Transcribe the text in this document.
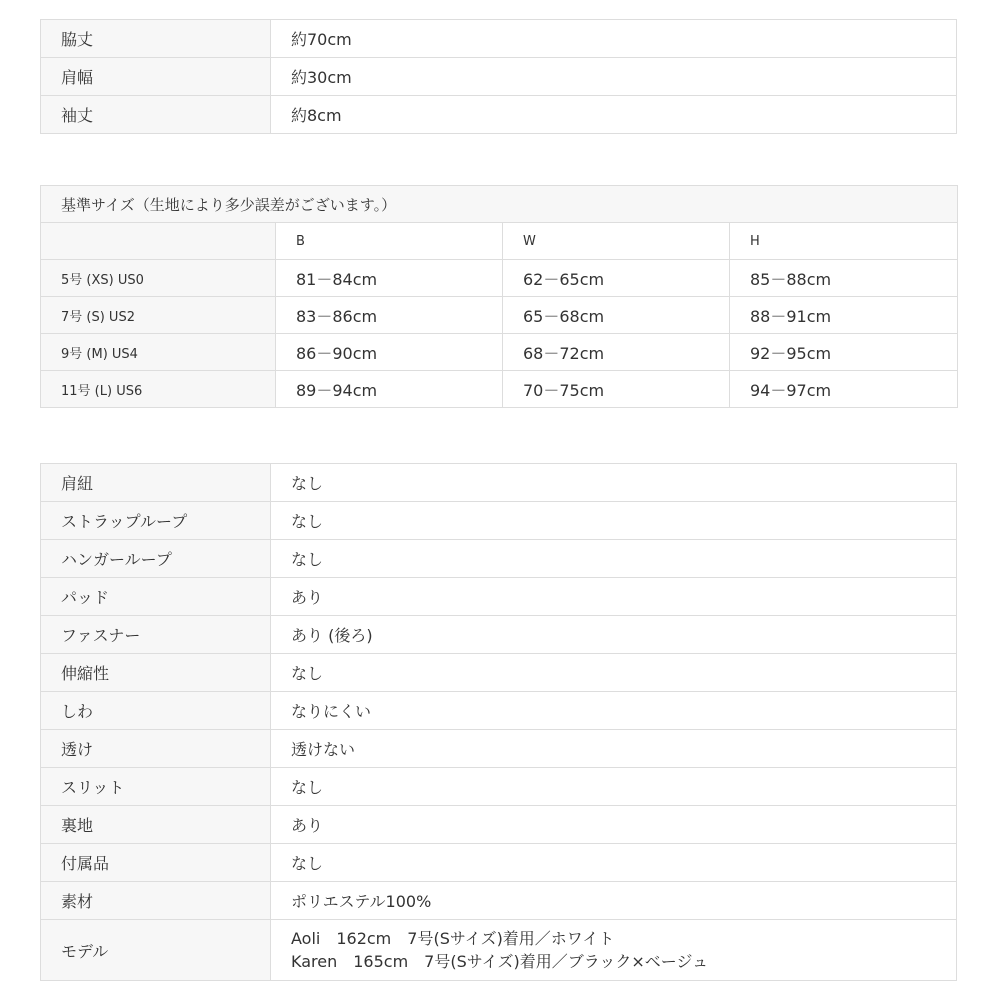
脇丈	約70cm
肩幅	約30cm
袖丈	約8cm
基準サイズ（生地により多少誤差がございます。）			
	B	W	H
5号 (XS) US0	81－84cm	62－65cm	85－88cm
7号 (S) US2	83－86cm	65－68cm	88－91cm
9号 (M) US4	86－90cm	68－72cm	92－95cm
11号 (L) US6	89－94cm	70－75cm	94－97cm
肩紐	なし
ストラップループ	なし
ハンガーループ	なし
パッド	あり
ファスナー	あり (後ろ)
伸縮性	なし
しわ	なりにくい
透け	透けない
スリット	なし
裏地	あり
付属品	なし
素材	ポリエステル100%
モデル	Aoli　162cm　7号(Sサイズ)着用／ホワイト
Karen　165cm　7号(Sサイズ)着用／ブラック×ベージュ
